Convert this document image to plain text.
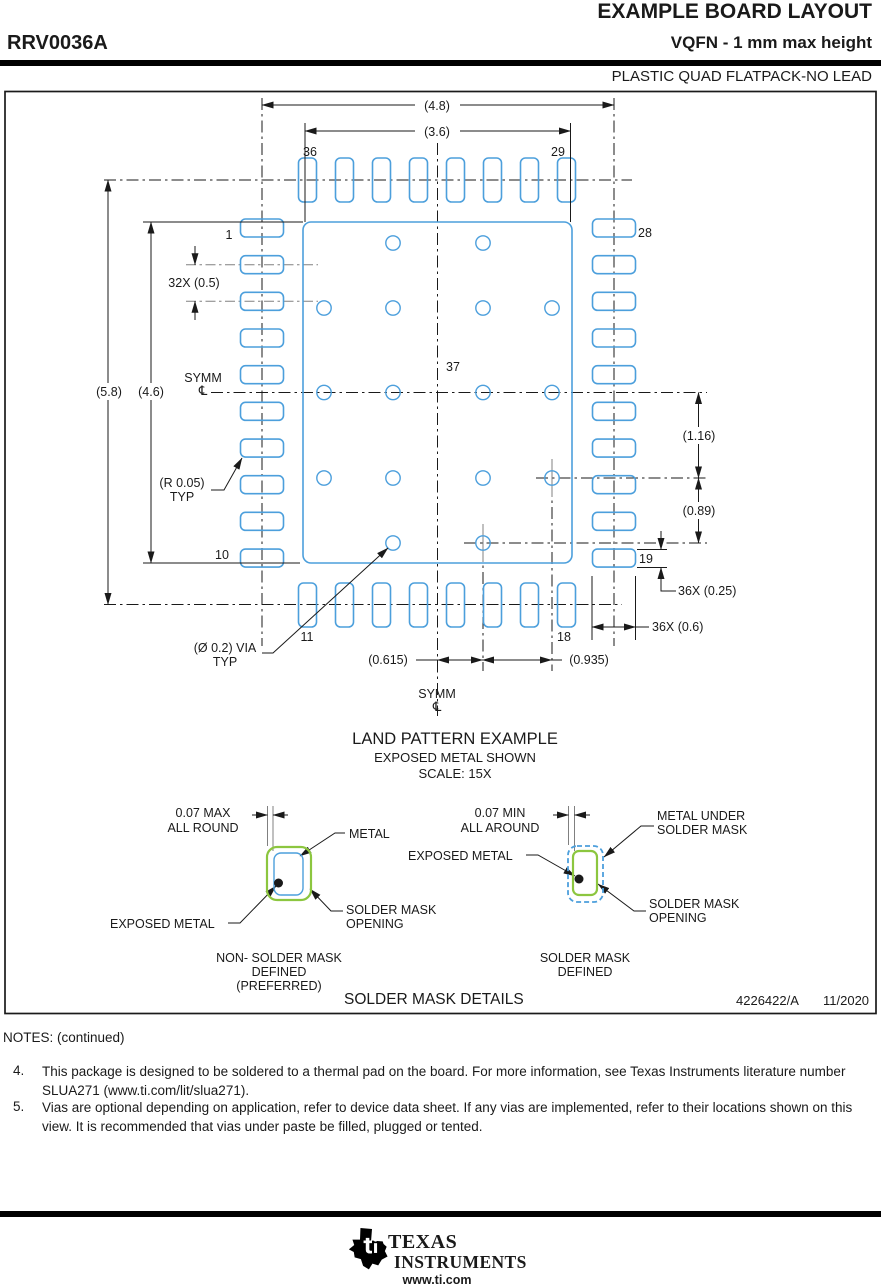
EXAMPLE BOARD LAYOUT
RRV0036A	VQFN - 1 mm max height
PLASTIC QUAD FLATPACK-NO LEAD
(4.8)
(3.6)
36	29
1	28
32X (0.5)
SYMM
℄
(5.8) (4.6)
37
(R 0.05)
TYP
10
(1.16)
(0.89)
19
36X (0.25)
36X (0.6)
(Ø 0.2) VIA
TYP
11	18
(0.615)	(0.935)
SYMM
℄
LAND PATTERN EXAMPLE
EXPOSED METAL SHOWN
SCALE: 15X
0.07 MAX
ALL ROUND	METAL
EXPOSED METAL
SOLDER MASK
OPENING
NON- SOLDER MASK
DEFINED
(PREFERRED)
0.07 MIN
ALL AROUND
EXPOSED METAL
METAL UNDER
SOLDER MASK
SOLDER MASK
OPENING
SOLDER MASK
DEFINED
SOLDER MASK DETAILS	4226422/A 11/2020
NOTES: (continued)
4. This package is designed to be soldered to a thermal pad on the board. For more information, see Texas Instruments literature number SLUA271 (www.ti.com/lit/slua271).
5. Vias are optional depending on application, refer to device data sheet. If any vias are implemented, refer to their locations shown on this view. It is recommended that vias under paste be filled, plugged or tented.
TEXAS
INSTRUMENTS
www.ti.com
